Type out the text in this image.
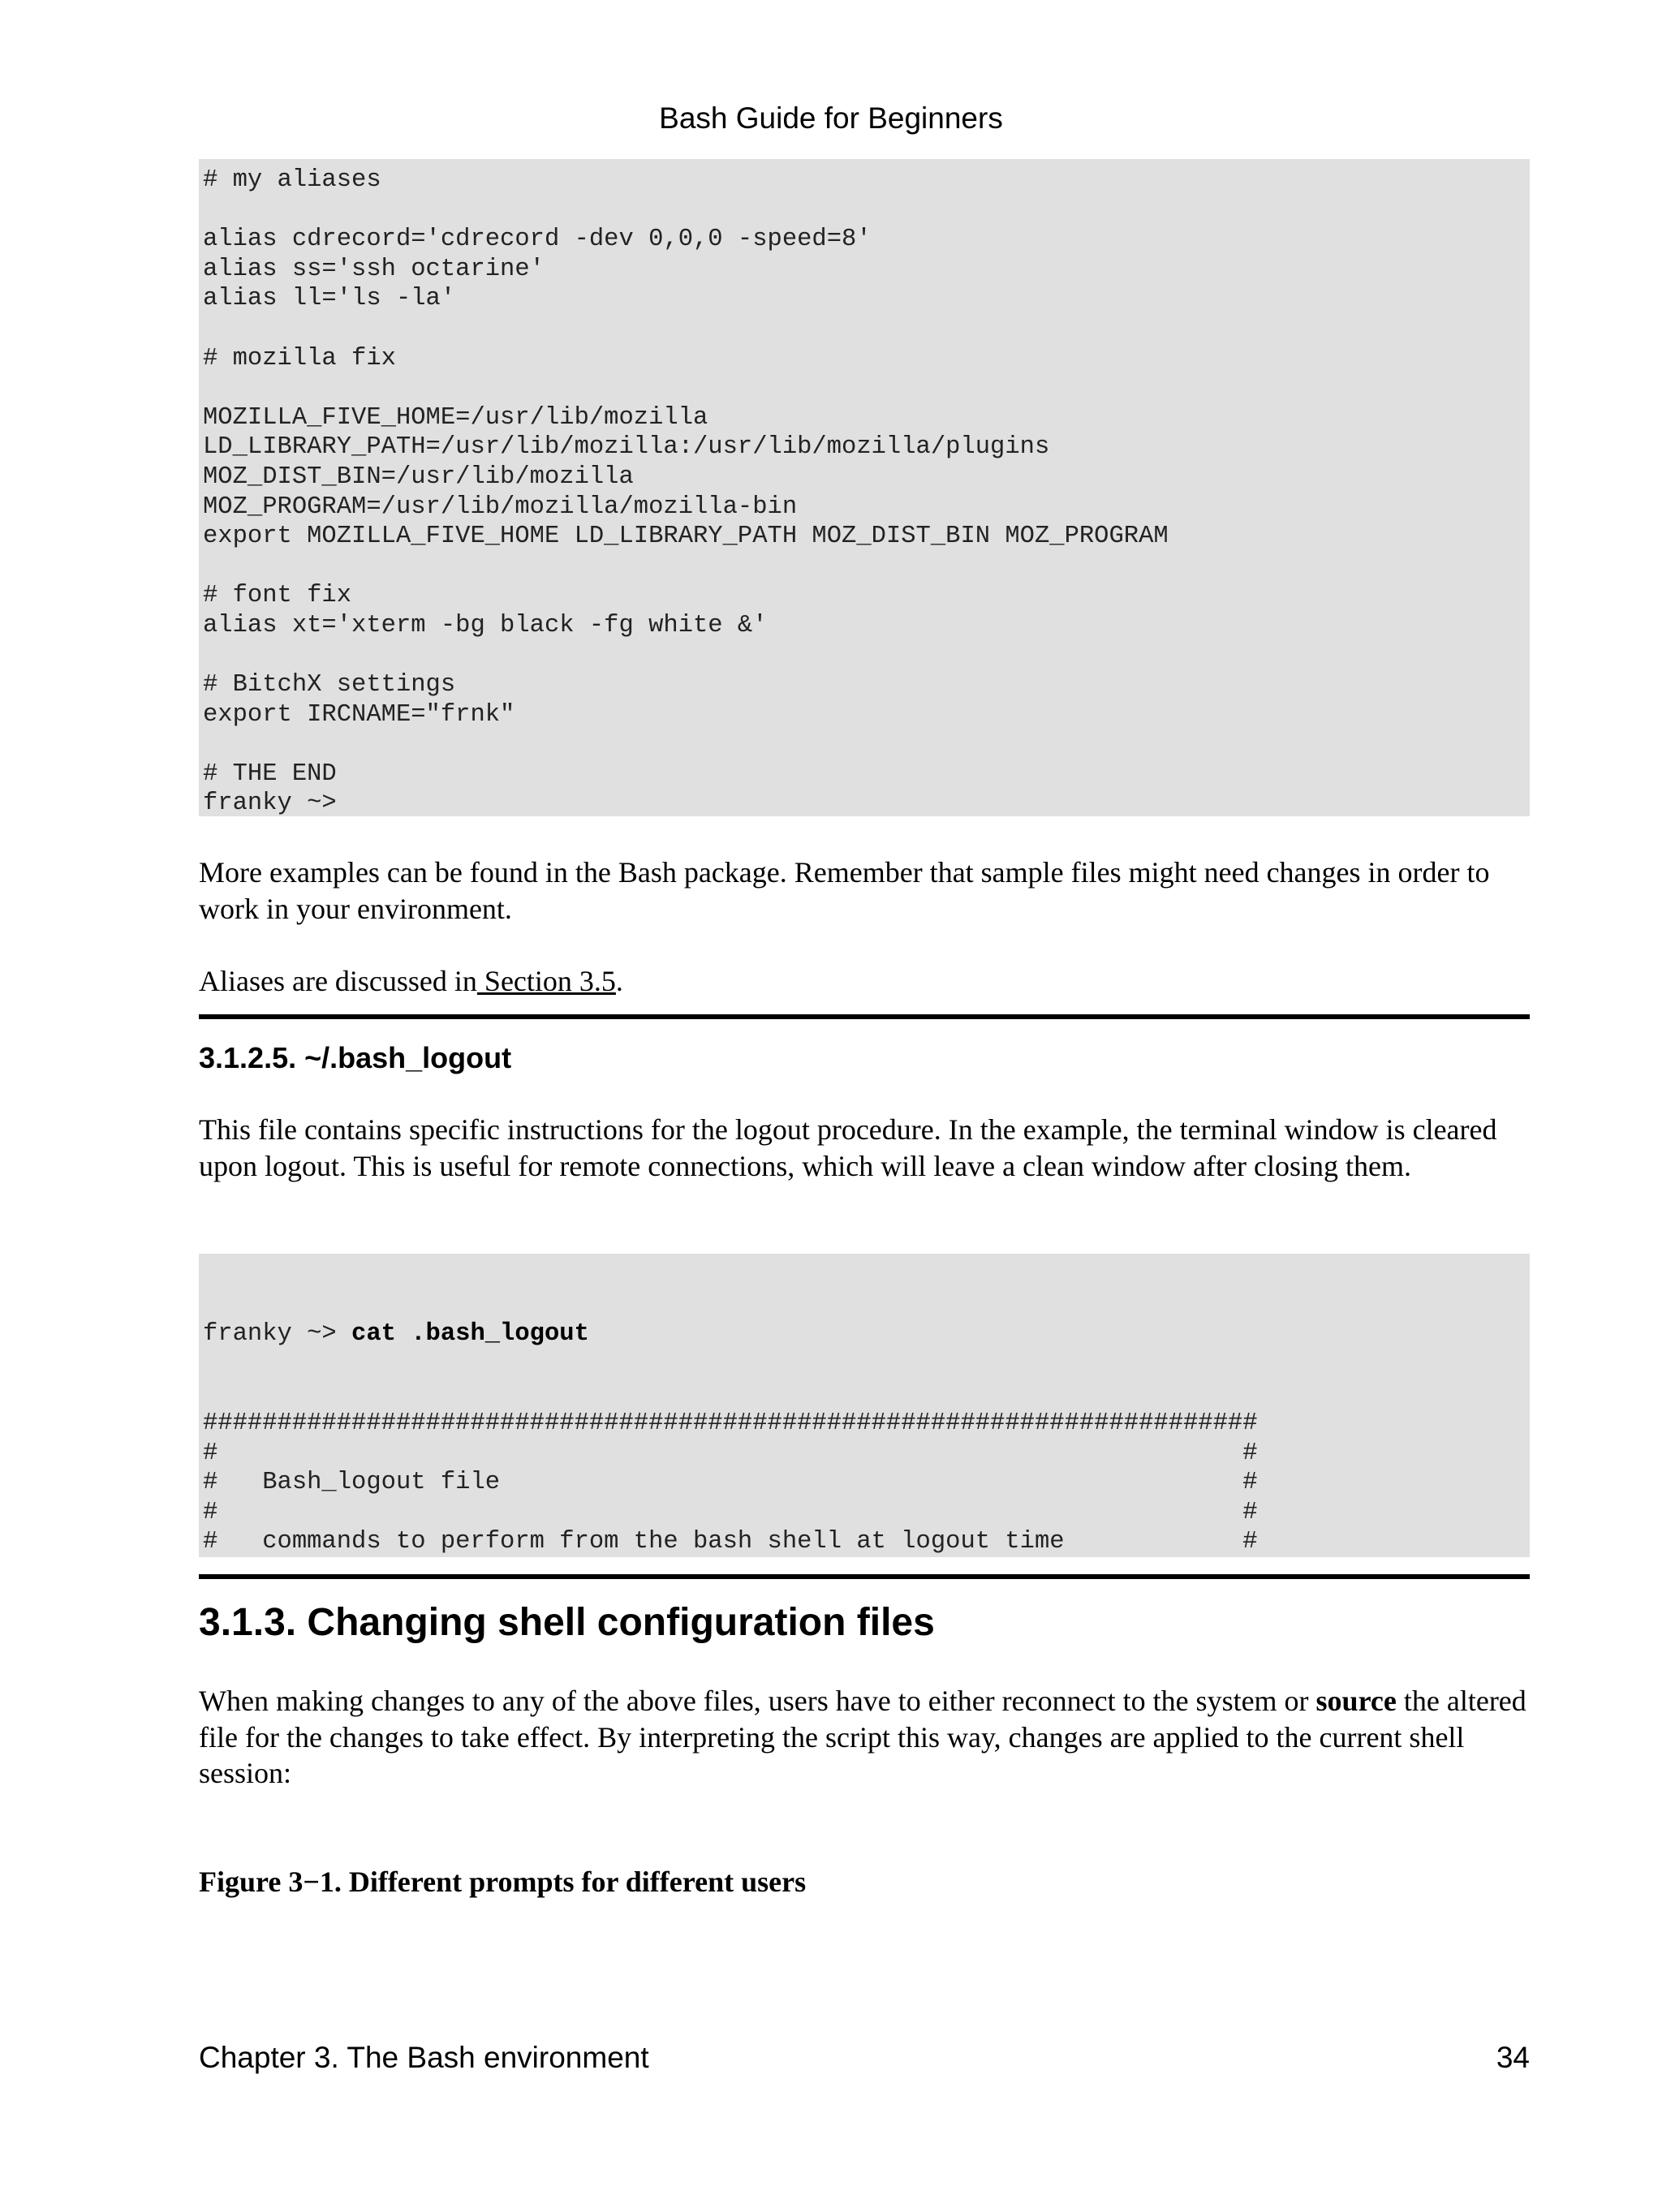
Bash Guide for Beginners
# my aliases
alias cdrecord='cdrecord -dev 0,0,0 -speed=8'
alias ss='ssh octarine'
alias ll='ls -la'
# mozilla fix
MOZILLA_FIVE_HOME=/usr/lib/mozilla
LD_LIBRARY_PATH=/usr/lib/mozilla:/usr/lib/mozilla/plugins
MOZ_DIST_BIN=/usr/lib/mozilla
MOZ_PROGRAM=/usr/lib/mozilla/mozilla-bin
export MOZILLA_FIVE_HOME LD_LIBRARY_PATH MOZ_DIST_BIN MOZ_PROGRAM
# font fix
alias xt='xterm -bg black -fg white &'
# BitchX settings
export IRCNAME="frnk"
# THE END
franky ~>

More examples can be found in the Bash package. Remember that sample files might need changes in order to work in your environment.

Aliases are discussed in Section 3.5.

3.1.2.5. ~/.bash_logout

This file contains specific instructions for the logout procedure. In the example, the terminal window is cleared upon logout. This is useful for remote connections, which will leave a clean window after closing them.

franky ~> cat .bash_logout

#######################################################################
#                                                                     #
#   Bash_logout file                                                  #
#                                                                     #
#   commands to perform from the bash shell at logout time            #
3.1.3. Changing shell configuration files

When making changes to any of the above files, users have to either reconnect to the system or source the altered file for the changes to take effect. By interpreting the script this way, changes are applied to the current shell session:

Figure 3−1. Different prompts for different users

Chapter 3. The Bash environment	34
